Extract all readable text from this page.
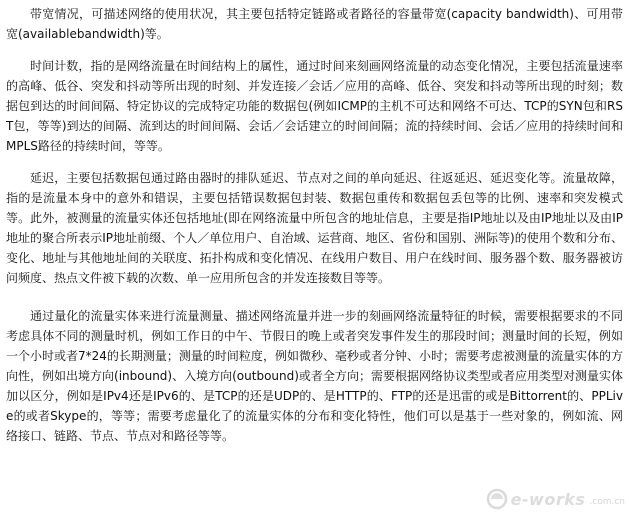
带宽情况，可描述网络的使用状况，其主要包括特定链路或者路径的容量带宽(capacity bandwidth)、可用带宽(availablebandwidth)等。

时间计数，指的是网络流量在时间结构上的属性，通过时间来刻画网络流量的动态变化情况，主要包括流量速率的高峰、低谷、突发和抖动等所出现的时刻、并发连接／会话／应用的高峰、低谷、突发和抖动等所出现的时刻；数据包到达的时间间隔、特定协议的完成特定功能的数据包(例如ICMP的主机不可达和网络不可达、TCP的SYN包和RST包，等等)到达的间隔、流到达的时间间隔、会话／会话建立的时间间隔；流的持续时间、会话／应用的持续时间和MPLS路径的持续时间，等等。

延迟，主要包括数据包通过路由器时的排队延迟、节点对之间的单向延迟、往返延迟、延迟变化等。流量故障，指的是流量本身中的意外和错误，主要包括错误数据包封装、数据包重传和数据包丢包等的比例、速率和突发模式等。此外，被测量的流量实体还包括地址(即在网络流量中所包含的地址信息，主要是指IP地址以及由IP地址以及由IP地址的聚合所表示IP地址前缀、个人／单位用户、自治域、运营商、地区、省份和国别、洲际等)的使用个数和分布、变化、地址与其他地址间的关联度、拓扑构成和变化情况、在线用户数目、用户在线时间、服务器个数、服务器被访问频度、热点文件被下载的次数、单一应用所包含的并发连接数目等等。

通过量化的流量实体来进行流量测量、描述网络流量并进一步的刻画网络流量特征的时候，需要根据要求的不同考虑具体不同的测量时机，例如工作日的中午、节假日的晚上或者突发事件发生的那段时间；测量时间的长短，例如一个小时或者7*24的长期测量；测量的时间粒度，例如微秒、毫秒或者分钟、小时；需要考虑被测量的流量实体的方向性，例如出境方向(inbound)、入境方向(outbound)或者全方向；需要根据网络协议类型或者应用类型对测量实体加以区分，例如是IPv4还是IPv6的、是TCP的还是UDP的、是HTTP的、FTP的还是迅雷的或是Bittorrent的、PPLive的或者Skype的，等等；需要考虑量化了的流量实体的分布和变化特性，他们可以是基于一些对象的，例如流、网络接口、链路、节点、节点对和路径等等。

e-works .com.cn
